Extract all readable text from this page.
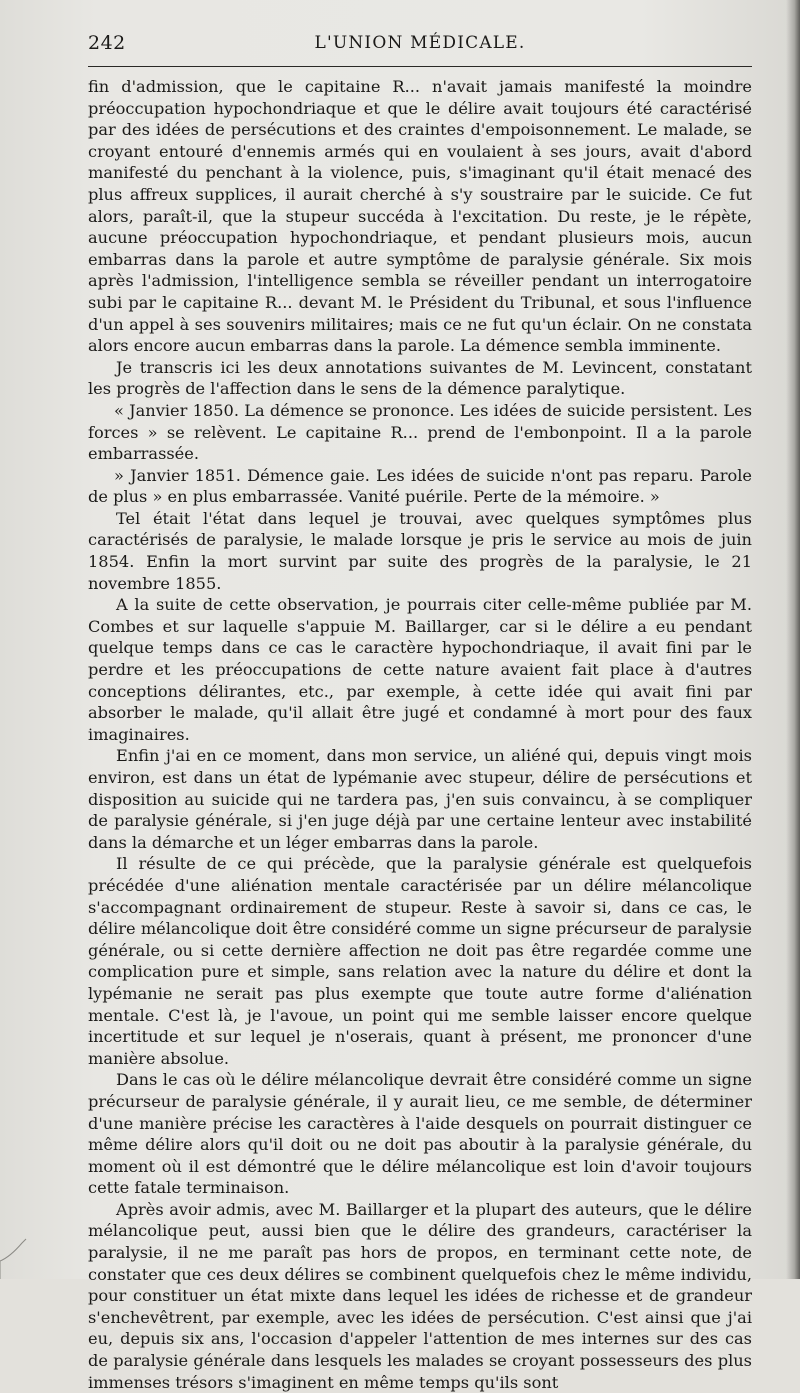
242	L'UNION MÉDICALE.

fin d'admission, que le capitaine R... n'avait jamais manifesté la moindre préoccupation hypochondriaque et que le délire avait toujours été caractérisé par des idées de persécutions et des craintes d'empoisonnement. Le malade, se croyant entouré d'ennemis armés qui en voulaient à ses jours, avait d'abord manifesté du penchant à la violence, puis, s'imaginant qu'il était menacé des plus affreux supplices, il aurait cherché à s'y soustraire par le suicide. Ce fut alors, paraît-il, que la stupeur succéda à l'excitation. Du reste, je le répète, aucune préoccupation hypochondriaque, et pendant plusieurs mois, aucun embarras dans la parole et autre symptôme de paralysie générale. Six mois après l'admission, l'intelligence sembla se réveiller pendant un interrogatoire subi par le capitaine R... devant M. le Président du Tribunal, et sous l'influence d'un appel à ses souvenirs militaires; mais ce ne fut qu'un éclair. On ne constata alors encore aucun embarras dans la parole. La démence sembla imminente.

Je transcris ici les deux annotations suivantes de M. Levincent, constatant les progrès de l'affection dans le sens de la démence paralytique.

« Janvier 1850. La démence se prononce. Les idées de suicide persistent. Les forces » se relèvent. Le capitaine R... prend de l'embonpoint. Il a la parole embarrassée.

» Janvier 1851. Démence gaie. Les idées de suicide n'ont pas reparu. Parole de plus » en plus embarrassée. Vanité puérile. Perte de la mémoire. »

Tel était l'état dans lequel je trouvai, avec quelques symptômes plus caractérisés de paralysie, le malade lorsque je pris le service au mois de juin 1854. Enfin la mort survint par suite des progrès de la paralysie, le 21 novembre 1855.

A la suite de cette observation, je pourrais citer celle-même publiée par M. Combes et sur laquelle s'appuie M. Baillarger, car si le délire a eu pendant quelque temps dans ce cas le caractère hypochondriaque, il avait fini par le perdre et les préoccupations de cette nature avaient fait place à d'autres conceptions délirantes, etc., par exemple, à cette idée qui avait fini par absorber le malade, qu'il allait être jugé et condamné à mort pour des faux imaginaires.

Enfin j'ai en ce moment, dans mon service, un aliéné qui, depuis vingt mois environ, est dans un état de lypémanie avec stupeur, délire de persécutions et disposition au suicide qui ne tardera pas, j'en suis convaincu, à se compliquer de paralysie générale, si j'en juge déjà par une certaine lenteur avec instabilité dans la démarche et un léger embarras dans la parole.

Il résulte de ce qui précède, que la paralysie générale est quelquefois précédée d'une aliénation mentale caractérisée par un délire mélancolique s'accompagnant ordinairement de stupeur. Reste à savoir si, dans ce cas, le délire mélancolique doit être considéré comme un signe précurseur de paralysie générale, ou si cette dernière affection ne doit pas être regardée comme une complication pure et simple, sans relation avec la nature du délire et dont la lypémanie ne serait pas plus exempte que toute autre forme d'aliénation mentale. C'est là, je l'avoue, un point qui me semble laisser encore quelque incertitude et sur lequel je n'oserais, quant à présent, me prononcer d'une manière absolue.

Dans le cas où le délire mélancolique devrait être considéré comme un signe précurseur de paralysie générale, il y aurait lieu, ce me semble, de déterminer d'une manière précise les caractères à l'aide desquels on pourrait distinguer ce même délire alors qu'il doit ou ne doit pas aboutir à la paralysie générale, du moment où il est démontré que le délire mélancolique est loin d'avoir toujours cette fatale terminaison.

Après avoir admis, avec M. Baillarger et la plupart des auteurs, que le délire mélancolique peut, aussi bien que le délire des grandeurs, caractériser la paralysie, il ne me paraît pas hors de propos, en terminant cette note, de constater que ces deux délires se combinent quelquefois chez le même individu, pour constituer un état mixte dans lequel les idées de richesse et de grandeur s'enchevêtrent, par exemple, avec les idées de persécution. C'est ainsi que j'ai eu, depuis six ans, l'occasion d'appeler l'attention de mes internes sur des cas de paralysie générale dans lesquels les malades se croyant possesseurs des plus immenses trésors s'imaginent en même temps qu'ils sont
